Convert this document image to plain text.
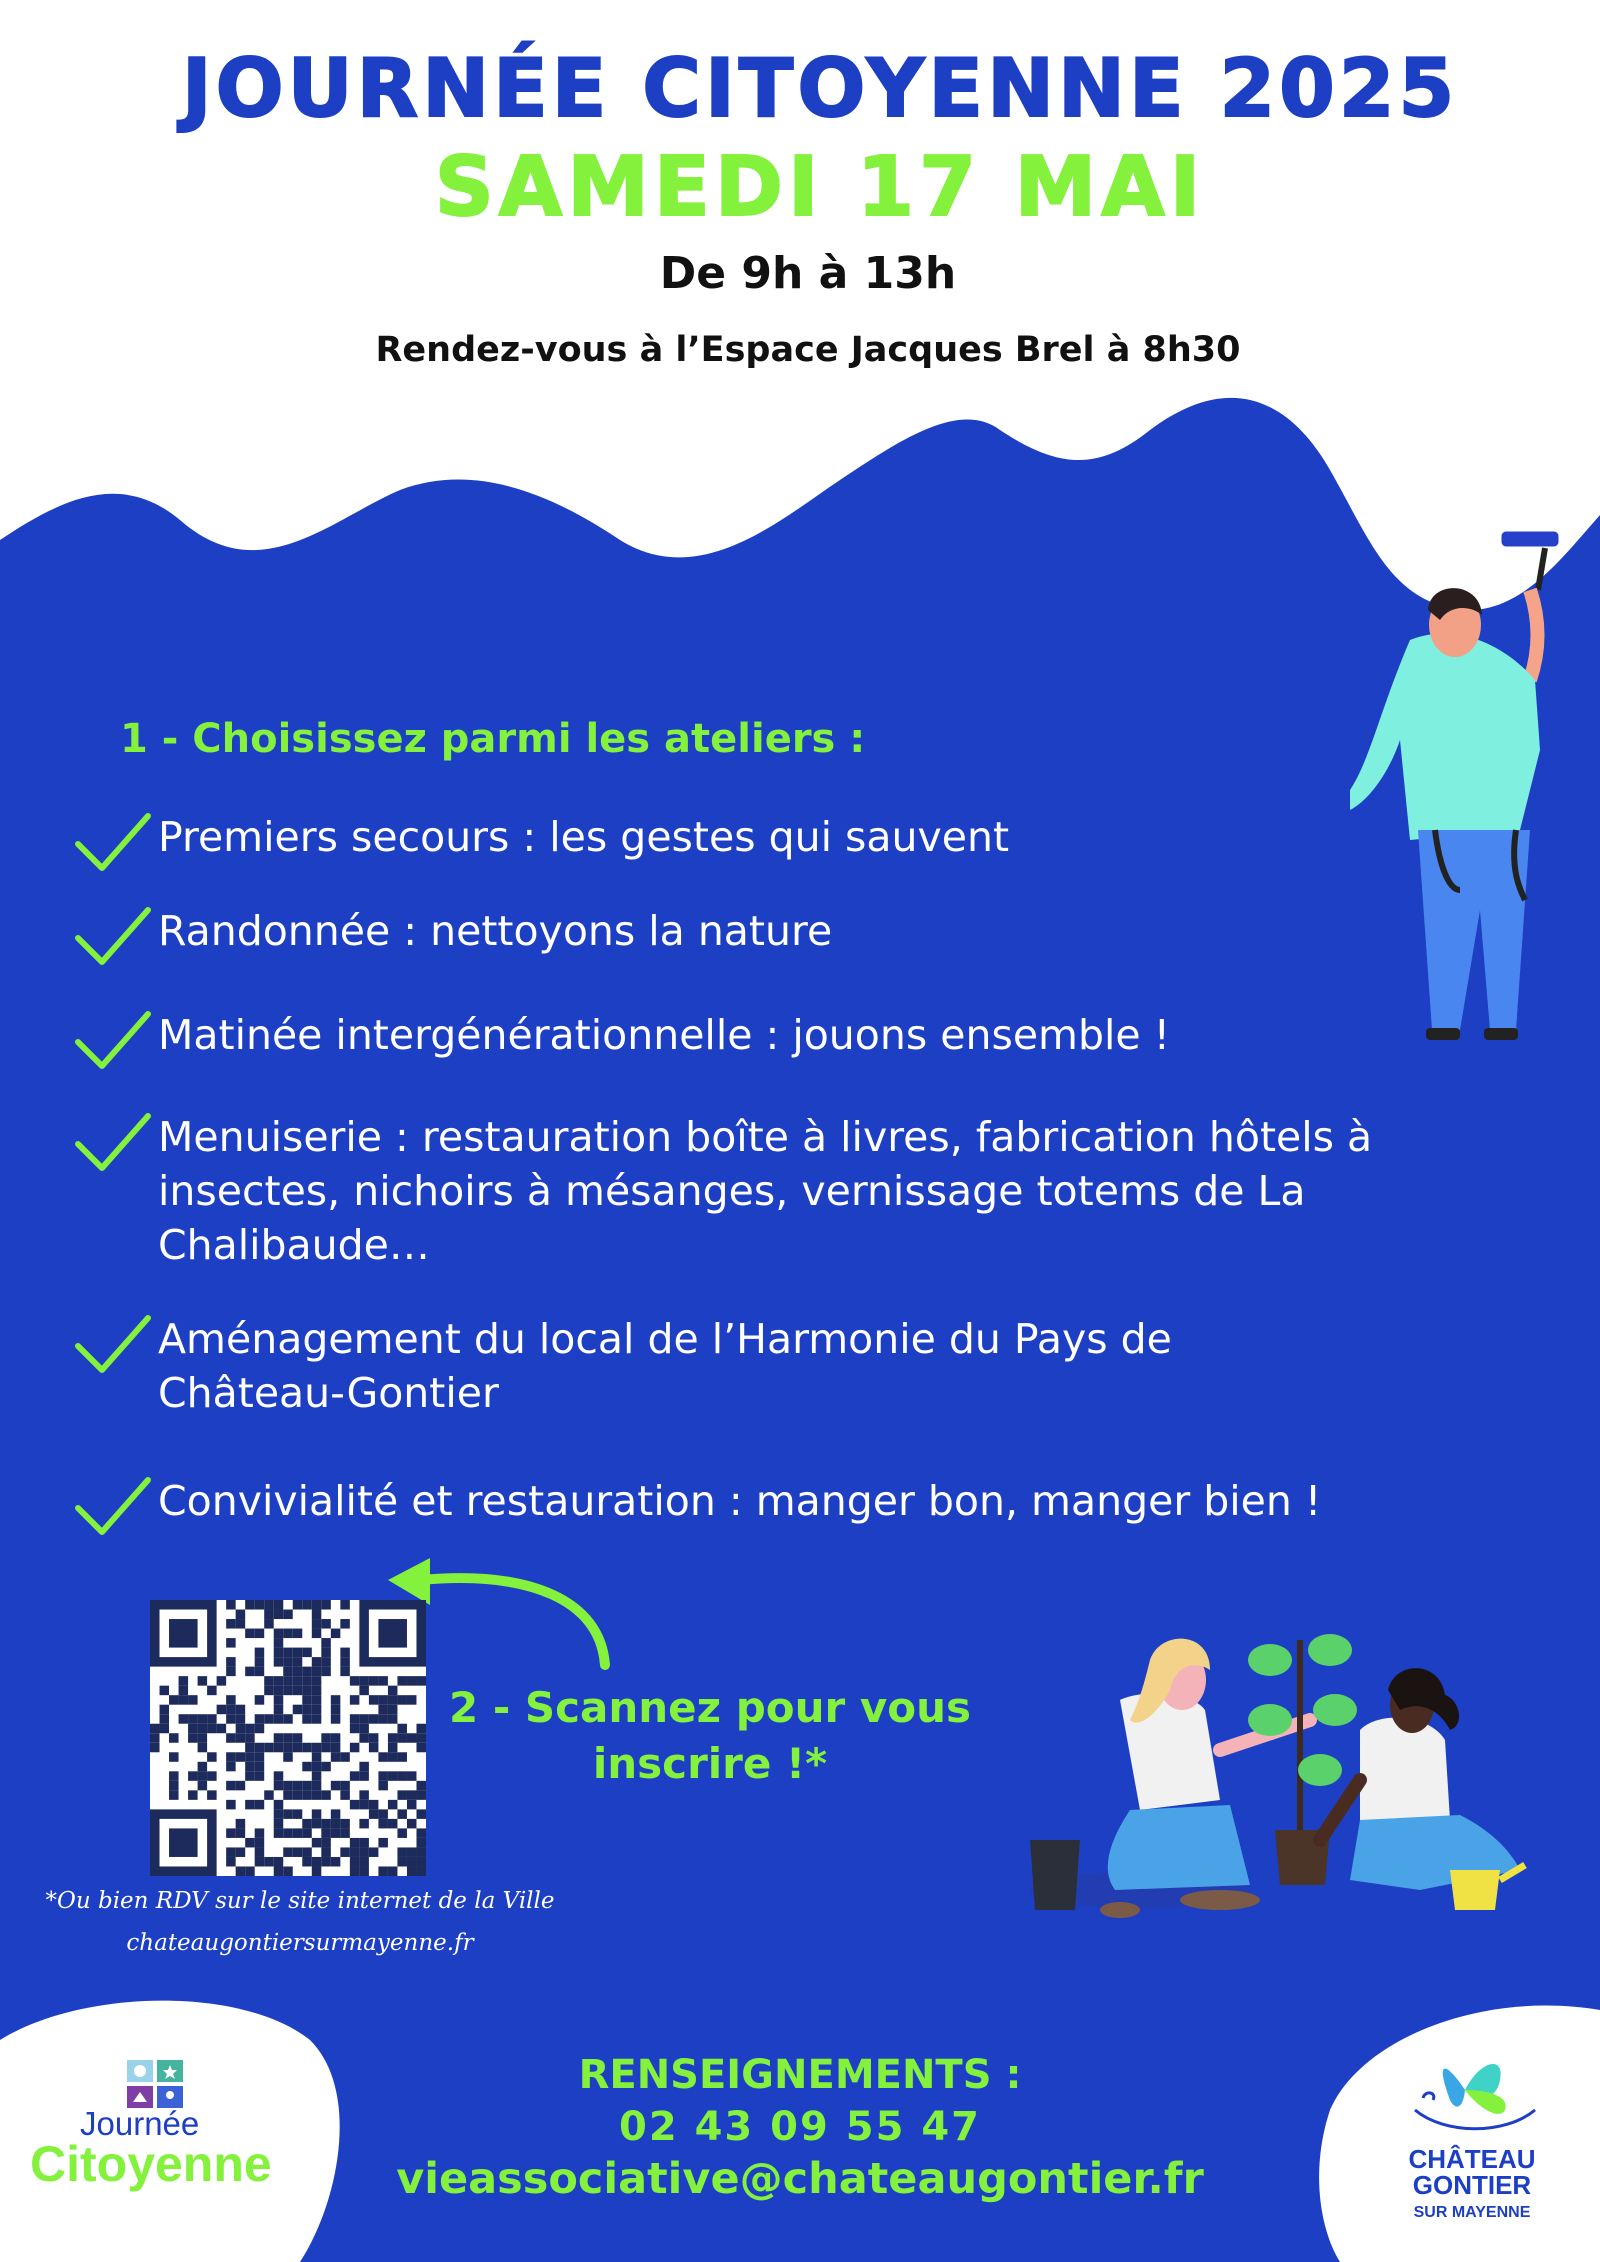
JOURNÉE CITOYENNE 2025
SAMEDI 17 MAI
De 9h à 13h
Rendez-vous à l’Espace Jacques Brel à 8h30
1 - Choisissez parmi les ateliers :
Premiers secours : les gestes qui sauvent
Randonnée : nettoyons la nature
Matinée intergénérationnelle : jouons ensemble !
Menuiserie : restauration boîte à livres, fabrication hôtels à insectes, nichoirs à mésanges, vernissage totems de La Chalibaude…
Aménagement du local de l’Harmonie du Pays de Château-Gontier
Convivialité et restauration : manger bon, manger bien !
2 - Scannez pour vous inscrire !*
*Ou bien RDV sur le site internet de la Ville
chateaugontiersurmayenne.fr
RENSEIGNEMENTS :
02 43 09 55 47
vieassociative@chateaugontier.fr
Journée
Citoyenne	CHÂTEAU
GONTIER
SUR MAYENNE
